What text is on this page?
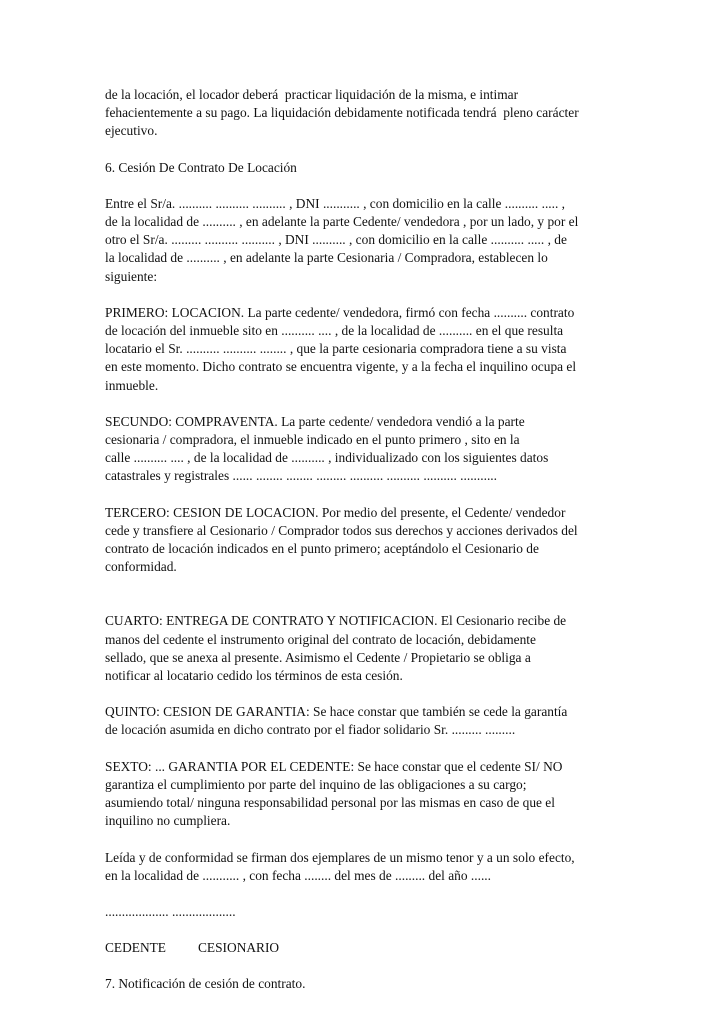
de la locación, el locador deberá  practicar liquidación de la misma, e intimar
fehacientemente a su pago. La liquidación debidamente notificada tendrá  pleno carácter
ejecutivo.

6. Cesión De Contrato De Locación

Entre el Sr/a. .......... .......... .......... , DNI ........... , con domicilio en la calle .......... ..... ,
de la localidad de .......... , en adelante la parte Cedente/ vendedora , por un lado, y por el
otro el Sr/a. ......... .......... .......... , DNI .......... , con domicilio en la calle .......... ..... , de
la localidad de .......... , en adelante la parte Cesionaria / Compradora, establecen lo
siguiente:

PRIMERO: LOCACION. La parte cedente/ vendedora, firmó con fecha .......... contrato
de locación del inmueble sito en .......... .... , de la localidad de .......... en el que resulta
locatario el Sr. .......... .......... ........ , que la parte cesionaria compradora tiene a su vista
en este momento. Dicho contrato se encuentra vigente, y a la fecha el inquilino ocupa el
inmueble.

SECUNDO: COMPRAVENTA. La parte cedente/ vendedora vendió a la parte
cesionaria / compradora, el inmueble indicado en el punto primero , sito en la
calle .......... .... , de la localidad de .......... , individualizado con los siguientes datos
catastrales y registrales ...... ........ ........ ......... .......... .......... .......... ...........

TERCERO: CESION DE LOCACION. Por medio del presente, el Cedente/ vendedor
cede y transfiere al Cesionario / Comprador todos sus derechos y acciones derivados del
contrato de locación indicados en el punto primero; aceptándolo el Cesionario de
conformidad.

CUARTO: ENTREGA DE CONTRATO Y NOTIFICACION. El Cesionario recibe de
manos del cedente el instrumento original del contrato de locación, debidamente
sellado, que se anexa al presente. Asimismo el Cedente / Propietario se obliga a
notificar al locatario cedido los términos de esta cesión.

QUINTO: CESION DE GARANTIA: Se hace constar que también se cede la garantía
de locación asumida en dicho contrato por el fiador solidario Sr. ......... .........

SEXTO: ... GARANTIA POR EL CEDENTE: Se hace constar que el cedente SI/ NO
garantiza el cumplimiento por parte del inquino de las obligaciones a su cargo;
asumiendo total/ ninguna responsabilidad personal por las mismas en caso de que el
inquilino no cumpliera.

Leída y de conformidad se firman dos ejemplares de un mismo tenor y a un solo efecto,
en la localidad de ........... , con fecha ........ del mes de ......... del año ......

................... ...................

CEDENTE CESIONARIO

7. Notificación de cesión de contrato.
